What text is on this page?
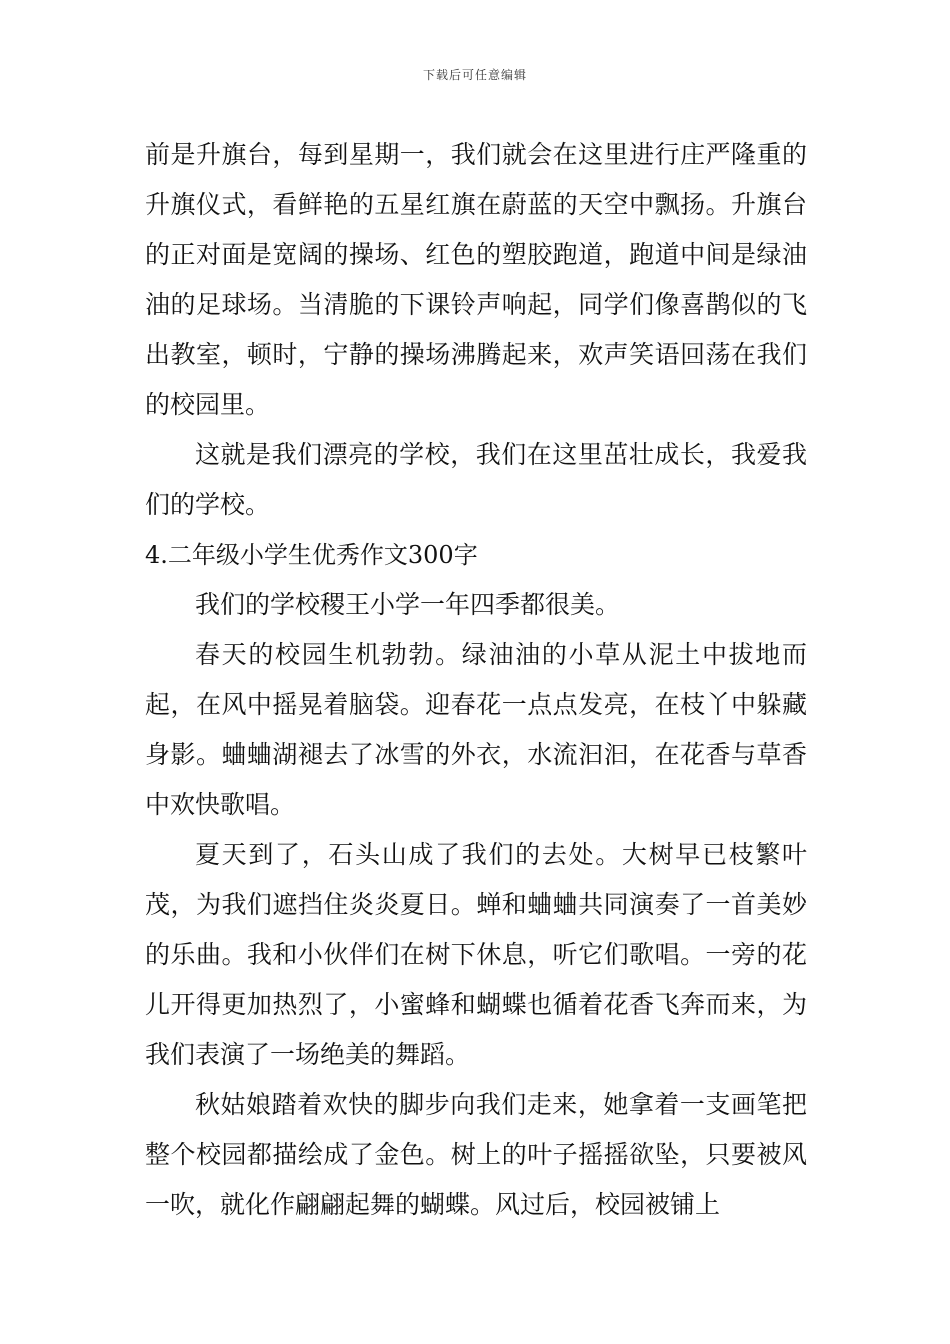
下载后可任意编辑

前是升旗台，每到星期一，我们就会在这里进行庄严隆重的升旗仪式，看鲜艳的五星红旗在蔚蓝的天空中飘扬。升旗台的正对面是宽阔的操场、红色的塑胶跑道，跑道中间是绿油油的足球场。当清脆的下课铃声响起，同学们像喜鹊似的飞出教室，顿时，宁静的操场沸腾起来，欢声笑语回荡在我们的校园里。

这就是我们漂亮的学校，我们在这里茁壮成长，我爱我们的学校。

4.二年级小学生优秀作文300字

我们的学校稷王小学一年四季都很美。

春天的校园生机勃勃。绿油油的小草从泥土中拔地而起，在风中摇晃着脑袋。迎春花一点点发亮，在枝丫中躲藏身影。蛐蛐湖褪去了冰雪的外衣，水流汩汩，在花香与草香中欢快歌唱。

夏天到了，石头山成了我们的去处。大树早已枝繁叶茂，为我们遮挡住炎炎夏日。蝉和蛐蛐共同演奏了一首美妙的乐曲。我和小伙伴们在树下休息，听它们歌唱。一旁的花儿开得更加热烈了，小蜜蜂和蝴蝶也循着花香飞奔而来，为我们表演了一场绝美的舞蹈。

秋姑娘踏着欢快的脚步向我们走来，她拿着一支画笔把整个校园都描绘成了金色。树上的叶子摇摇欲坠，只要被风一吹，就化作翩翩起舞的蝴蝶。风过后，校园被铺上
